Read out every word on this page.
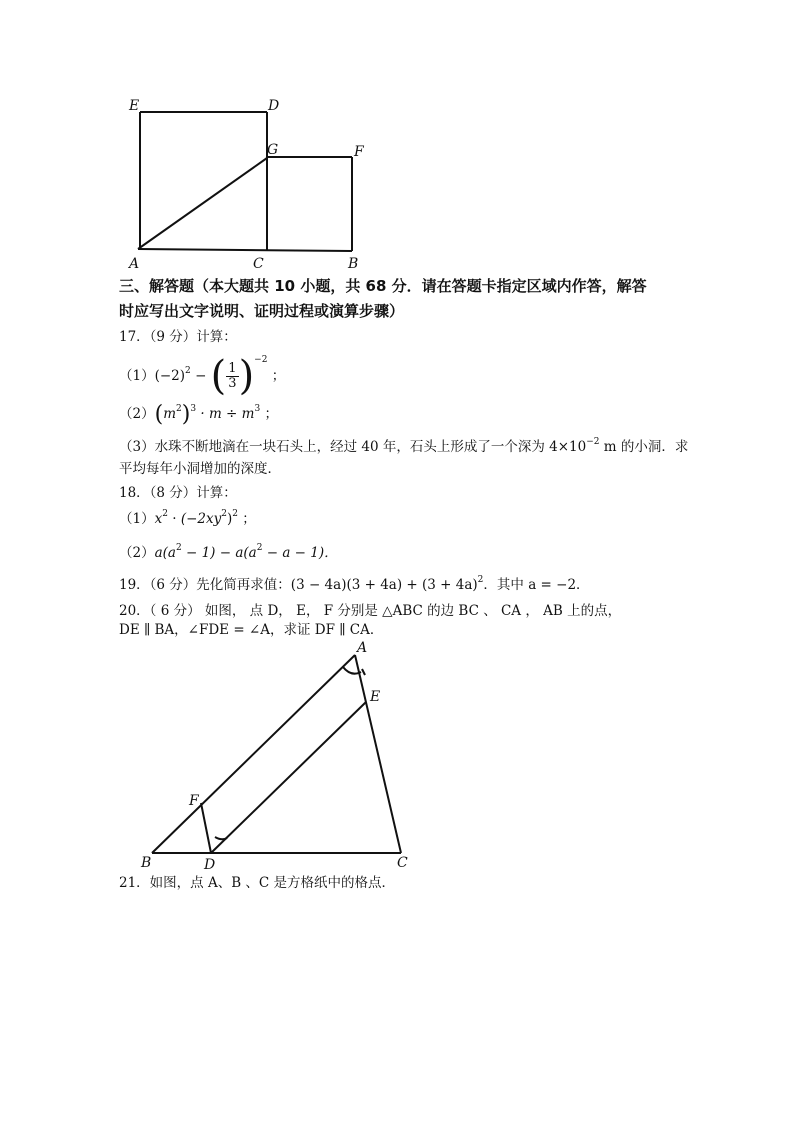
E	D
G	F
A	C	B
三、解答题（本大题共 10 小题，共 68 分．请在答题卡指定区域内作答，解答
时应写出文字说明、证明过程或演算步骤）
17．（9 分）计算：
$(1)(-2)^2$ − ( $\frac{1}{3} )^{-2}$ ；
$(2)(m^2)^3 \cdot m \div m^3$ ；
（3）水珠不断地滴在一块石头上，经过 40 年，石头上形成了一个深为 $4\times 10^{-2}$ m 的小洞．求
平均每年小洞增加的深度．
18．（8 分）计算：
$(1)x^2 \cdot (-2xy^2)^2$ ；
$(2)a(a^2 - 1) - a(a^2 - a - 1)$．
19．（6 分）先化简再求值：$(3 - 4a)(3 + 4a) + (3 + 4a)^2$．其中 a = −2．
20．（ 6 分） 如图， 点 D， E， F 分别是 △ABC 的边 BC 、 CA ， AB 上的点，
DE ∥ BA，∠FDE = ∠A，求证 DF ∥ CA．
A
E
F
B	D	C
21．如图，点 A、B 、C 是方格纸中的格点．
